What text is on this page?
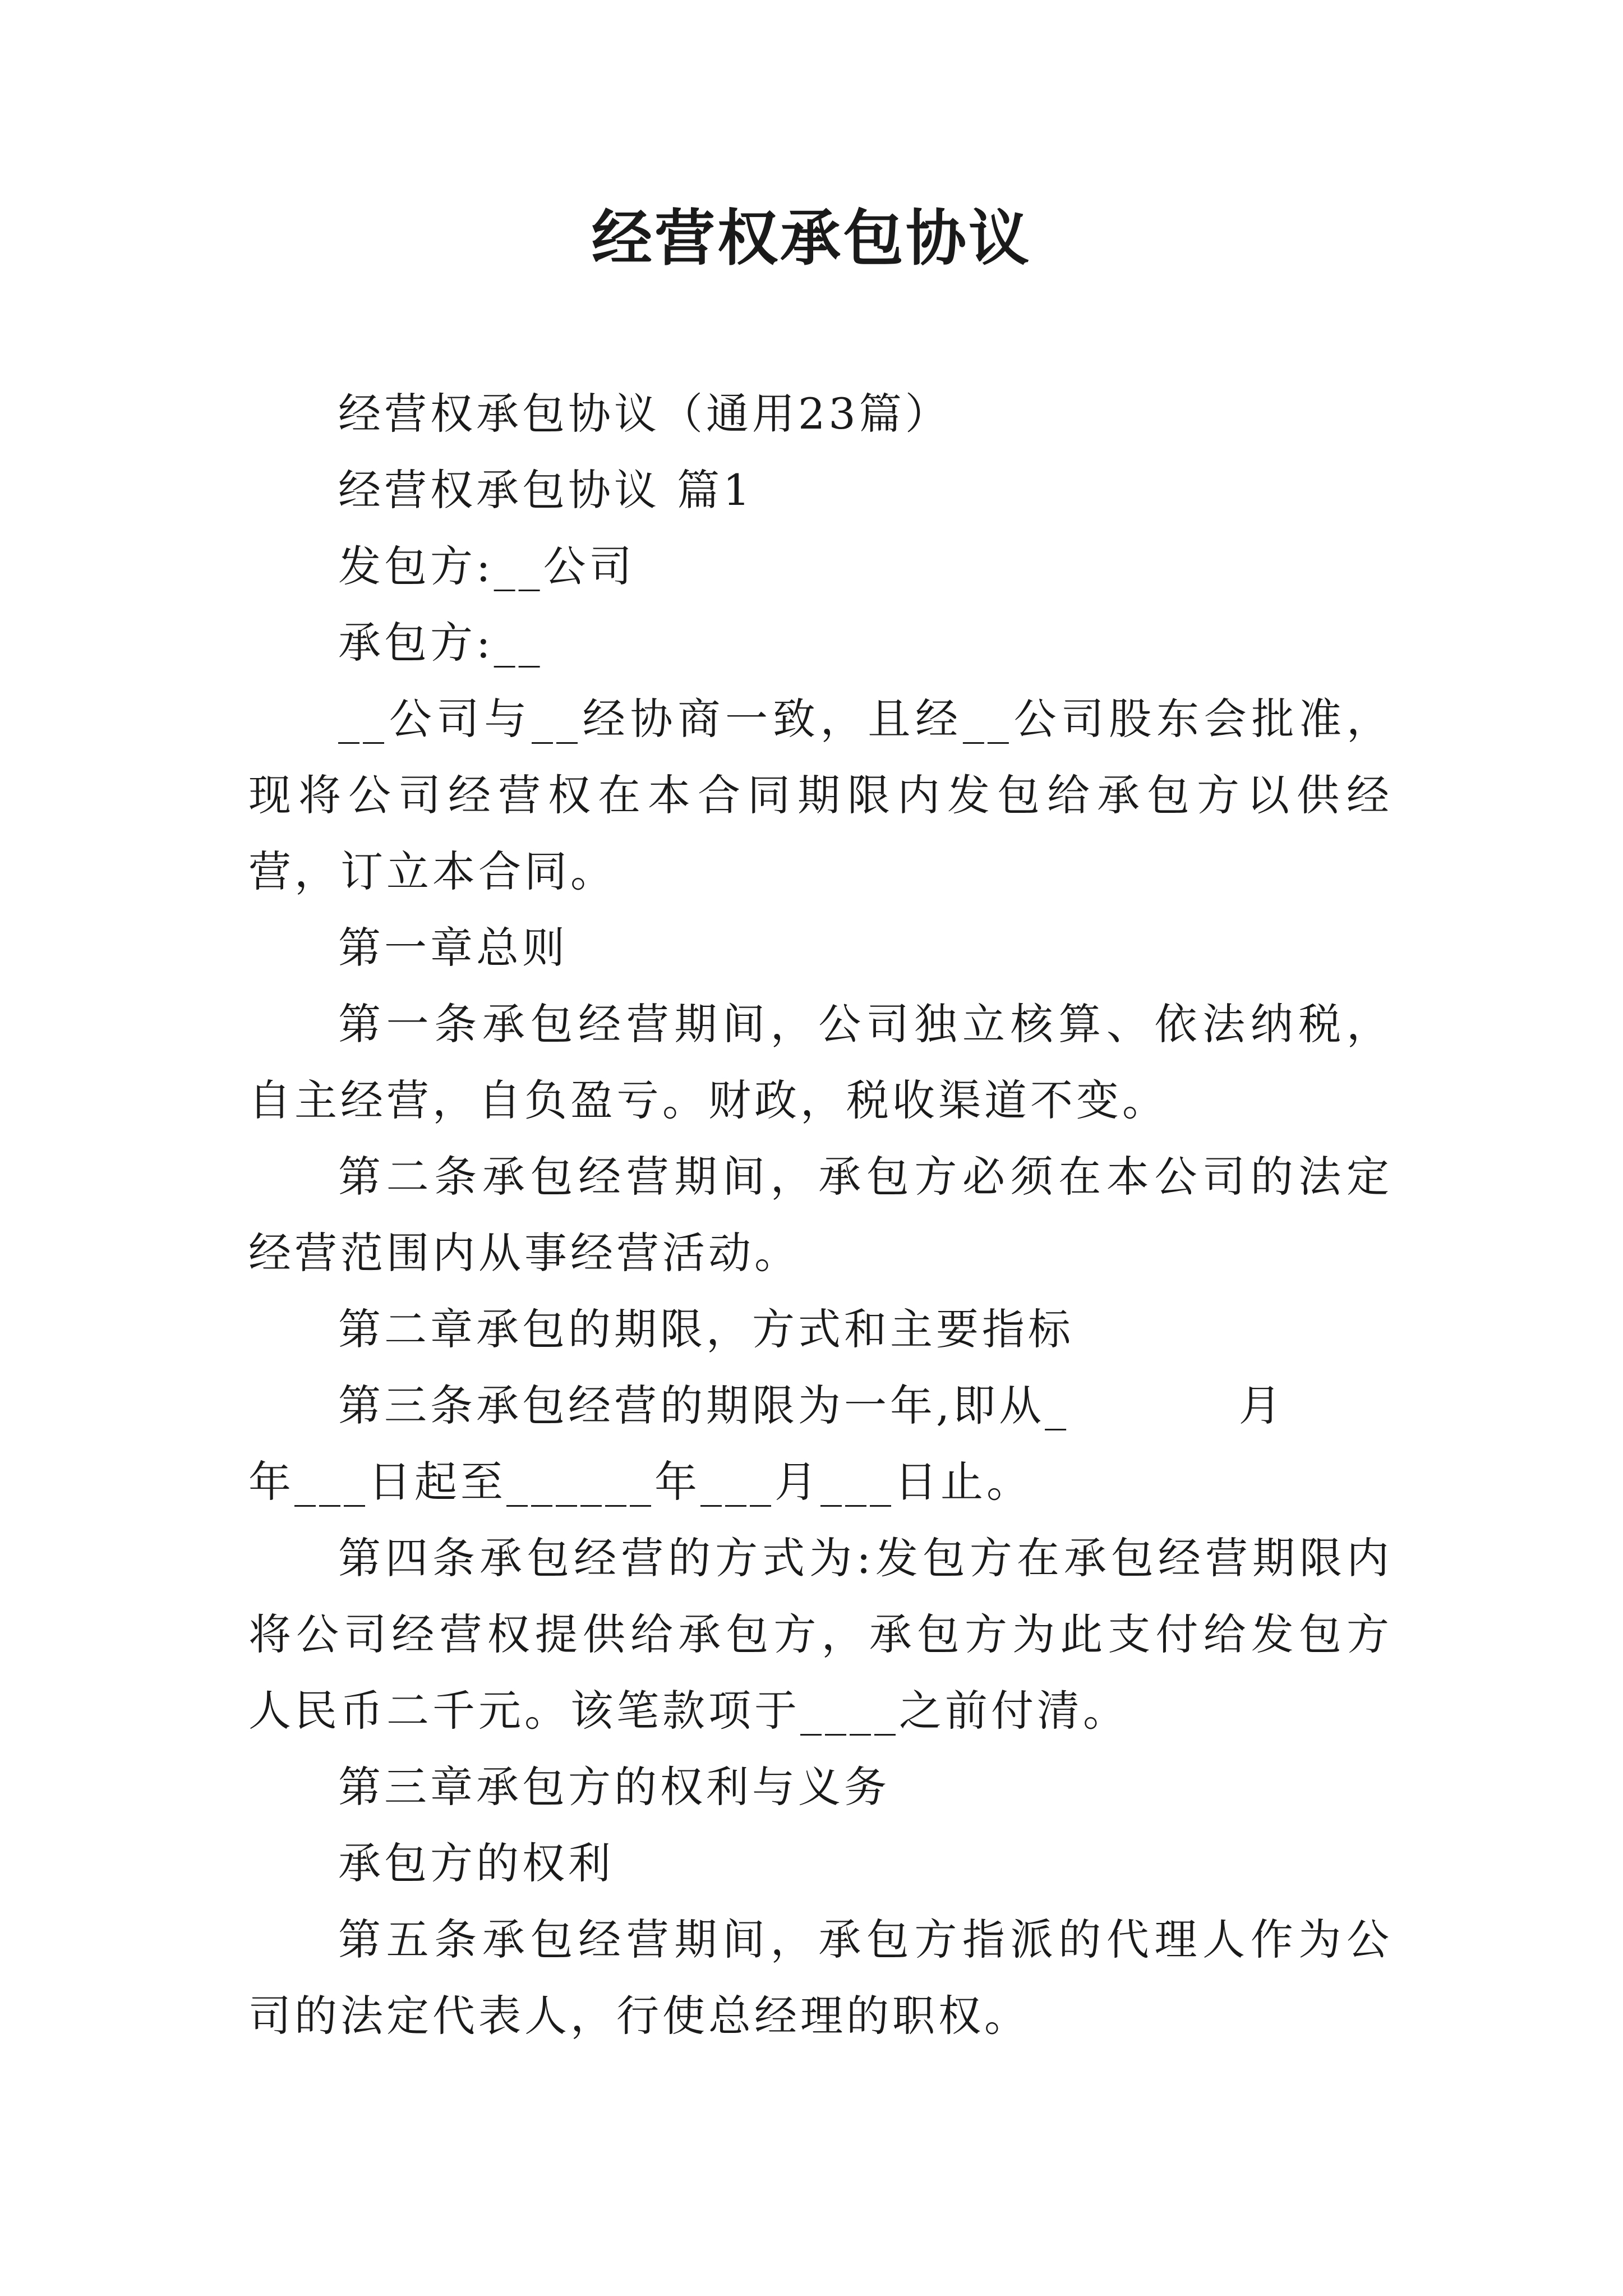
经营权承包协议

经营权承包协议（通用23篇）

经营权承包协议 篇1

发包方:__公司

承包方:__

__公司与__经协商一致，且经__公司股东会批准，现将公司经营权在本合同期限内发包给承包方以供经营，订立本合同。

第一章总则

第一条承包经营期间，公司独立核算、依法纳税，自主经营，自负盈亏。财政，税收渠道不变。

第二条承包经营期间，承包方必须在本公司的法定经营范围内从事经营活动。

第二章承包的期限，方式和主要指标

第三条承包经营的期限为一年,即从_          月

年___日起至______年___月___日止。

第四条承包经营的方式为:发包方在承包经营期限内将公司经营权提供给承包方，承包方为此支付给发包方人民币二千元。该笔款项于____之前付清。

第三章承包方的权利与义务

承包方的权利

第五条承包经营期间，承包方指派的代理人作为公司的法定代表人，行使总经理的职权。
